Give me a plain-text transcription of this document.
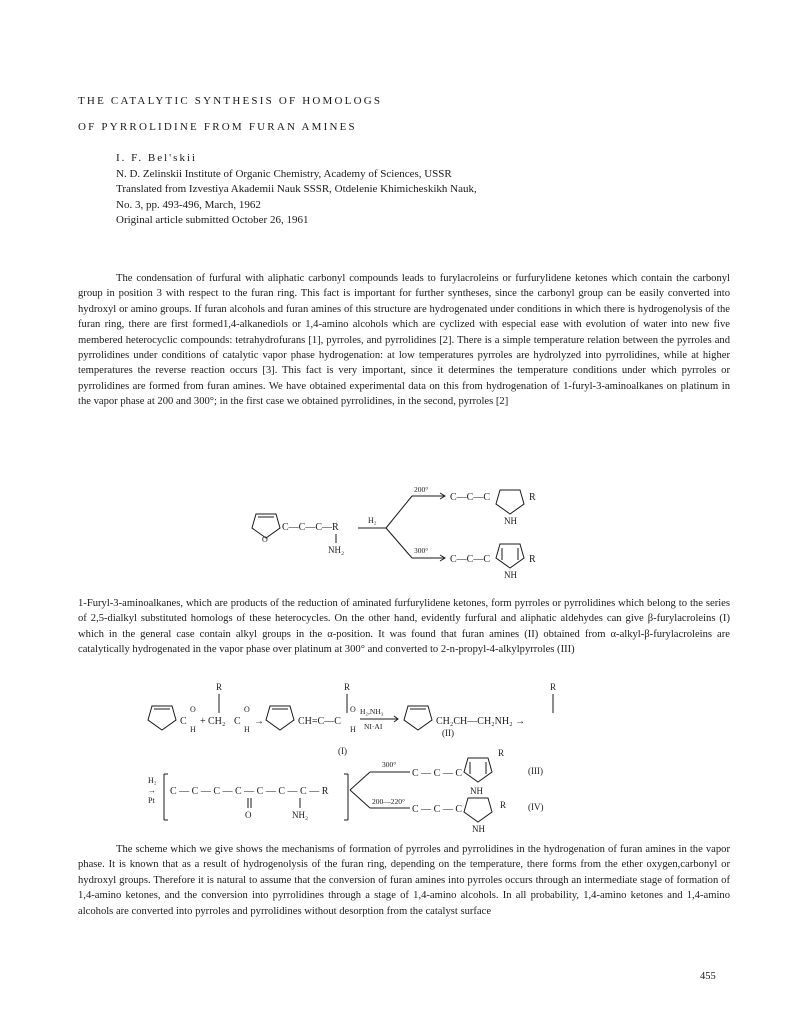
THE CATALYTIC SYNTHESIS OF HOMOLOGS
OF PYRROLIDINE FROM FURAN AMINES
I. F. Bel'skii
N. D. Zelinskii Institute of Organic Chemistry, Academy of Sciences, USSR
Translated from Izvestiya Akademii Nauk SSSR, Otdelenie Khimicheskikh Nauk,
No. 3, pp. 493-496, March, 1962
Original article submitted October 26, 1961

The condensation of furfural with aliphatic carbonyl compounds leads to furylacroleins or furfurylidene ketones which contain the carbonyl group in position 3 with respect to the furan ring. This fact is important for further syntheses, since the carbonyl group can be easily converted into hydroxyl or amino groups. If furan alcohols and furan amines of this structure are hydrogenated under conditions in which there is hydrogenolysis of the furan ring, there are first formed1,4-alkanediols or 1,4-amino alcohols which are cyclized with especial ease with evolution of water into new five membered heterocyclic compounds: tetrahydrofurans [1], pyrroles, and pyrrolidines [2]. There is a simple temperature relation between the pyrroles and pyrrolidines under conditions of catalytic vapor phase hydrogenation: at low temperatures pyrroles are hydrolyzed into pyrrolidines, while at higher temperatures the reverse reaction occurs [3]. This fact is very important, since it determines the temperature conditions under which pyrroles or pyrrolidines are formed from furan amines. We have obtained experimental data on this from hydrogenation of 1-furyl-3-aminoalkanes on platinum in the vapor phase at 200 and 300°; in the first case we obtained pyrrolidines, in the second, pyrroles [2]

O
C—C—C—R
NH₂
H₂
200°
300°
C—C—C	R
NH
C—C—C	R
NH

1-Furyl-3-aminoalkanes, which are products of the reduction of aminated furfurylidene ketones, form pyrroles or pyrrolidines which belong to the series of 2,5-dialkyl substituted homologs of these heterocycles. On the other hand, evidently furfural and aliphatic aldehydes can give β-furylacroleins (I) which in the general case contain alkyl groups in the α-position. It was found that furan amines (II) obtained from α-alkyl-β-furylacroleins are catalytically hydrogenated in the vapor phase over platinum at 300° and converted to 2-n-propyl-4-alkylpyrroles (III)

C
O
H
+
R
CH₂ C
O
H
→	CH=C—C
R
O
H
(I)
H₂,NH₃
NI·AI
R
CH₂CH—CH₂NH₂ →
(II)
H₂
→
Pt
C — C — C — C — C — C — C — R
O	NH₂
300°
200—220°
C — C — C
R
NH
(III)
C — C — C	R
NH
(IV)

The scheme which we give shows the mechanisms of formation of pyrroles and pyrrolidines in the hydrogenation of furan amines in the vapor phase. It is known that as a result of hydrogenolysis of the furan ring, depending on the temperature, there forms from the ether oxygen,carbonyl or hydroxyl groups. Therefore it is natural to assume that the conversion of furan amines into pyrroles occurs through an intermediate stage of formation of 1,4-amino ketones, and the conversion into pyrrolidines through a stage of 1,4-amino alcohols. In all probability, 1,4-amino ketones and 1,4-amino alcohols are converted into pyrroles and pyrrolidines without desorption from the catalyst surface

455
